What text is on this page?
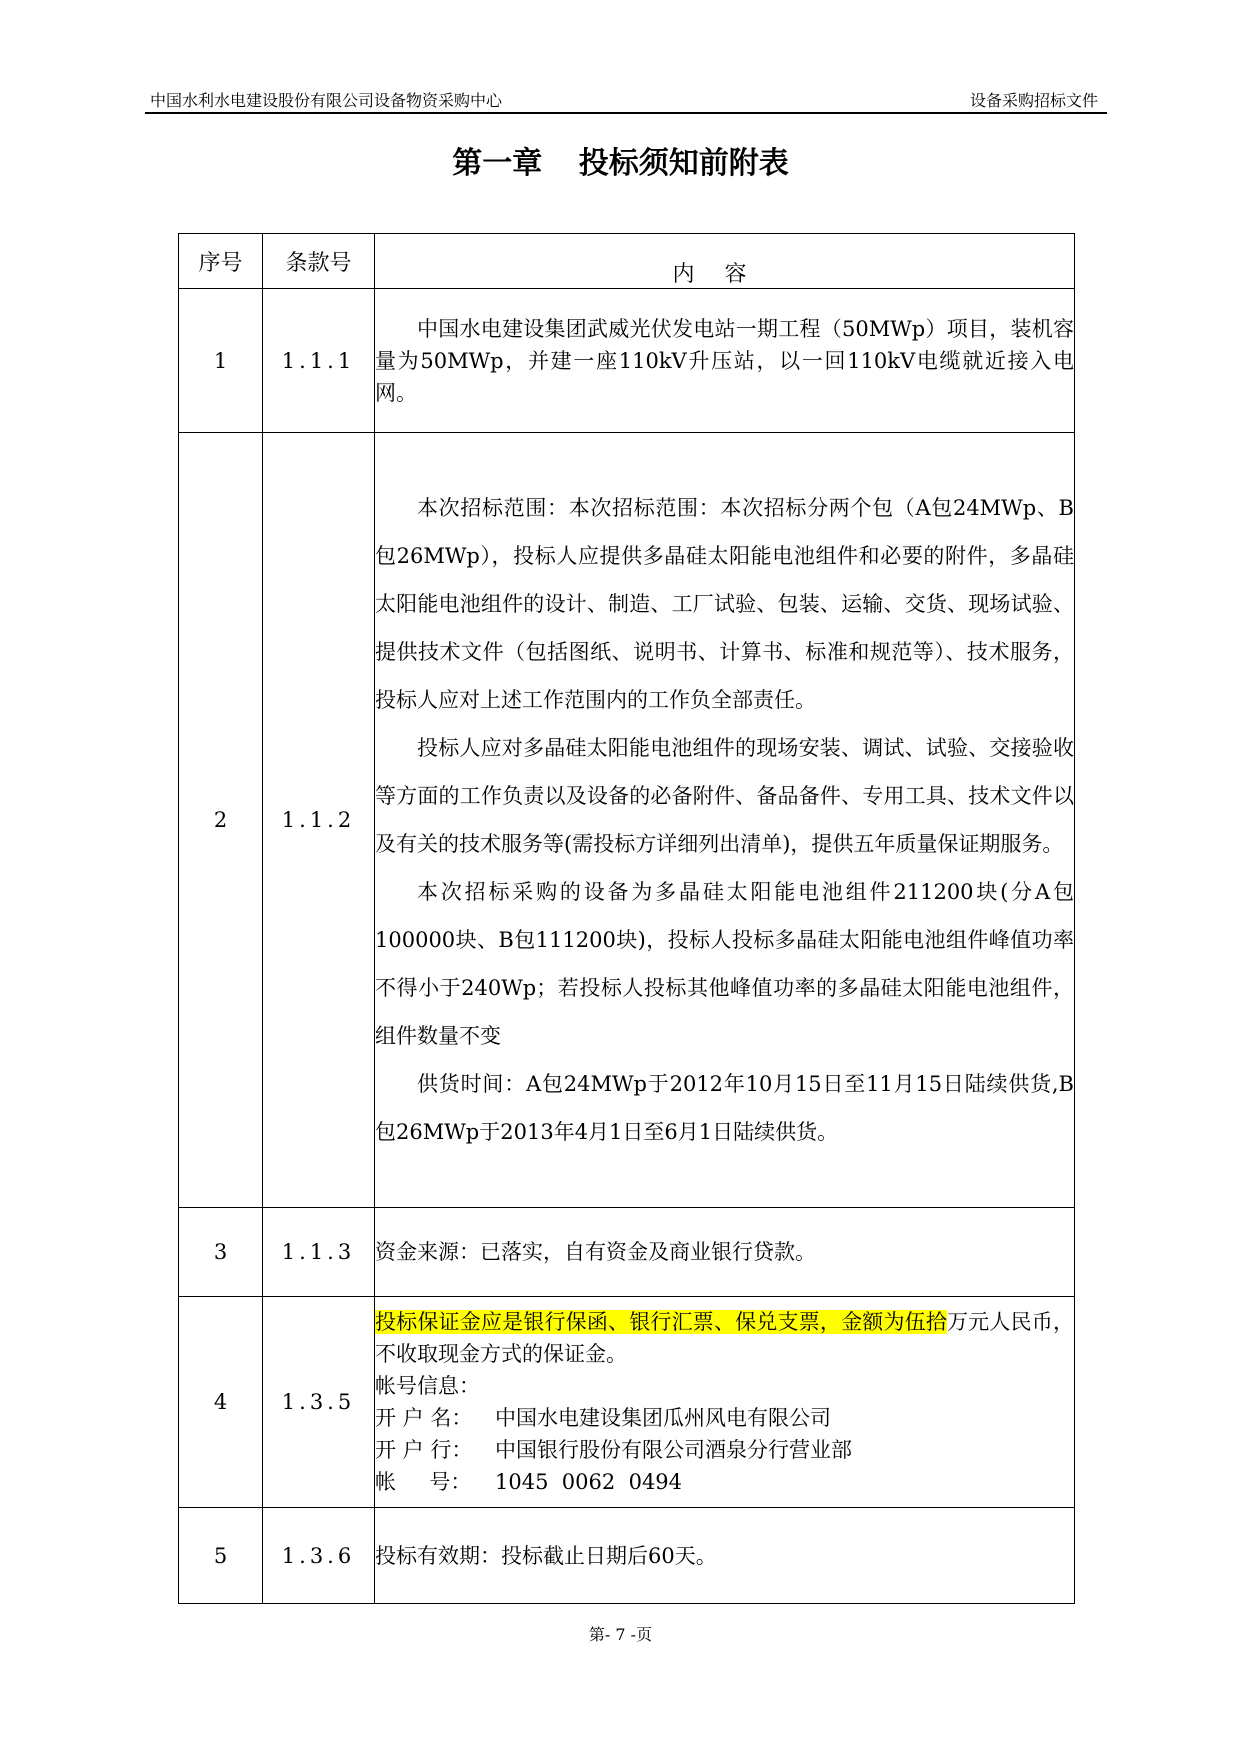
中国水利水电建设股份有限公司设备物资采购中心	设备采购招标文件
第一章 投标须知前附表
序号	条款号	内容
1	1.1.1	中国水电建设集团武威光伏发电站一期工程（50MWp）项目，装机容量为50MWp，并建一座110kV升压站，以一回110kV电缆就近接入电网。

2	1.1.2	本次招标范围：本次招标范围：本次招标分两个包（A包24MWp、B包26MWp），投标人应提供多晶硅太阳能电池组件和必要的附件，多晶硅太阳能电池组件的设计、制造、工厂试验、包装、运输、交货、现场试验、提供技术文件（包括图纸、说明书、计算书、标准和规范等）、技术服务，投标人应对上述工作范围内的工作负全部责任。

投标人应对多晶硅太阳能电池组件的现场安装、调试、试验、交接验收等方面的工作负责以及设备的必备附件、备品备件、专用工具、技术文件以及有关的技术服务等(需投标方详细列出清单)，提供五年质量保证期服务。

本次招标采购的设备为多晶硅太阳能电池组件211200块(分A包100000块、B包111200块)，投标人投标多晶硅太阳能电池组件峰值功率不得小于240Wp；若投标人投标其他峰值功率的多晶硅太阳能电池组件，组件数量不变

供货时间：A包24MWp于2012年10月15日至11月15日陆续供货,B包26MWp于2013年4月1日至6月1日陆续供货。

3	1.1.3	资金来源：已落实，自有资金及商业银行贷款。

4	1.3.5	投标保证金应是银行保函、银行汇票、保兑支票，金额为伍拾万元人民币，不收取现金方式的保证金。

帐号信息：

开 户 名： 中国水电建设集团瓜州风电有限公司

开 户 行： 中国银行股份有限公司酒泉分行营业部

帐     号： 1045  0062  0494

5	1.3.6	投标有效期：投标截止日期后60天。

第- 7 -页
